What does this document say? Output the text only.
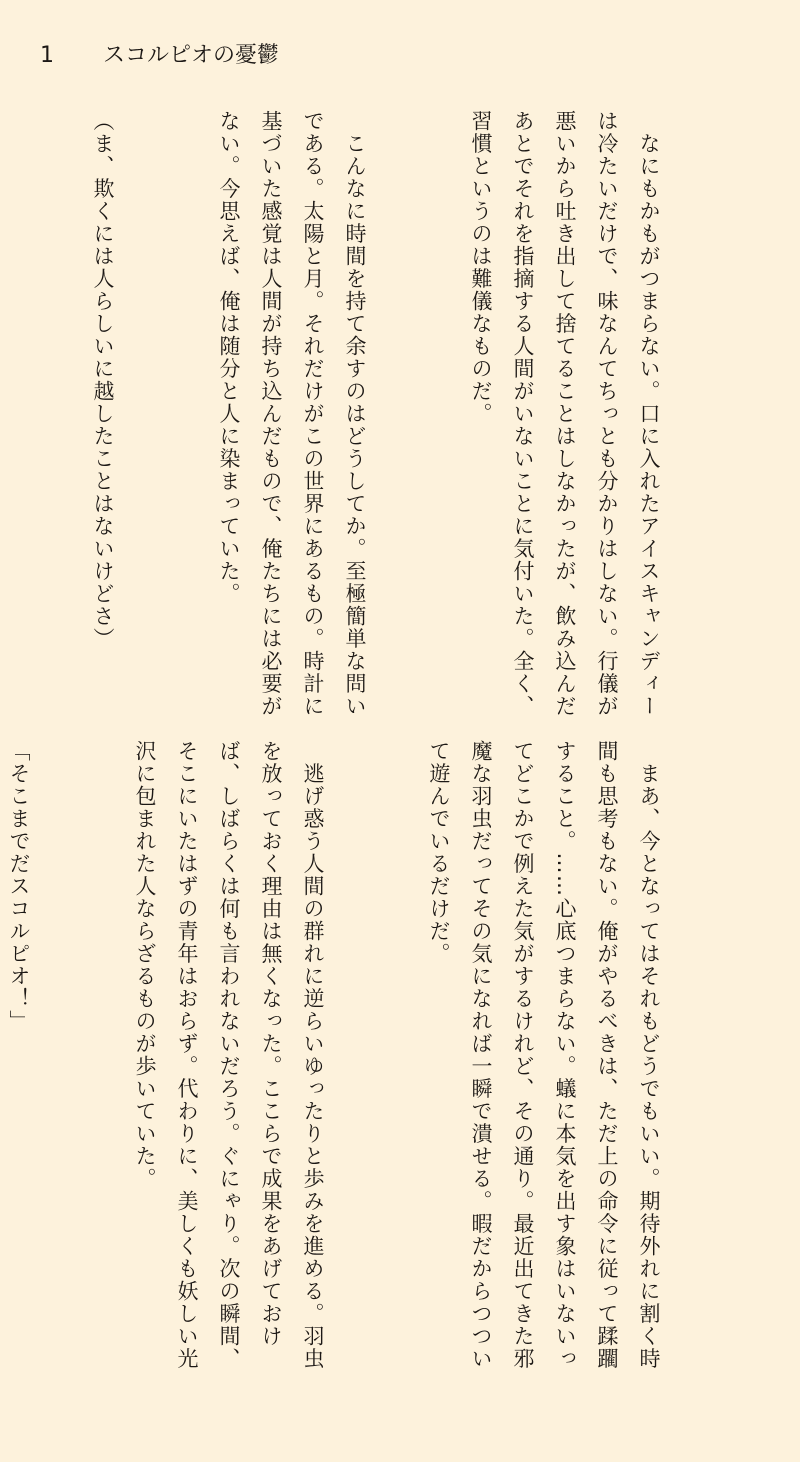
1 スコルピオの憂鬱

　なにもかもがつまらない。口に入れたアイスキャンディーは冷たいだけで、味なんてちっとも分かりはしない。行儀が悪いから吐き出して捨てることはしなかったが、飲み込んだあとでそれを指摘する人間がいないことに気付いた。全く、習慣というのは難儀なものだ。

　こんなに時間を持て余すのはどうしてか。至極簡単な問いである。太陽と月。それだけがこの世界にあるもの。時計に基づいた感覚は人間が持ち込んだもので、俺たちには必要がない。今思えば、俺は随分と人に染まっていた。

（ま、欺くには人らしいに越したことはないけどさ）

　まあ、今となってはそれもどうでもいい。期待外れに割く時間も思考もない。俺がやるべきは、ただ上の命令に従って蹂躙すること。……心底つまらない。蟻に本気を出す象はいないってどこかで例えた気がするけれど、その通り。最近出てきた邪魔な羽虫だってその気になれば一瞬で潰せる。暇だからつついて遊んでいるだけだ。

　逃げ惑う人間の群れに逆らいゆったりと歩みを進める。羽虫を放っておく理由は無くなった。ここらで成果をあげておけば、しばらくは何も言われないだろう。ぐにゃり。次の瞬間、そこにいたはずの青年はおらず。代わりに、美しくも妖しい光沢に包まれた人ならざるものが歩いていた。

「そこまでだスコルピオ！」
